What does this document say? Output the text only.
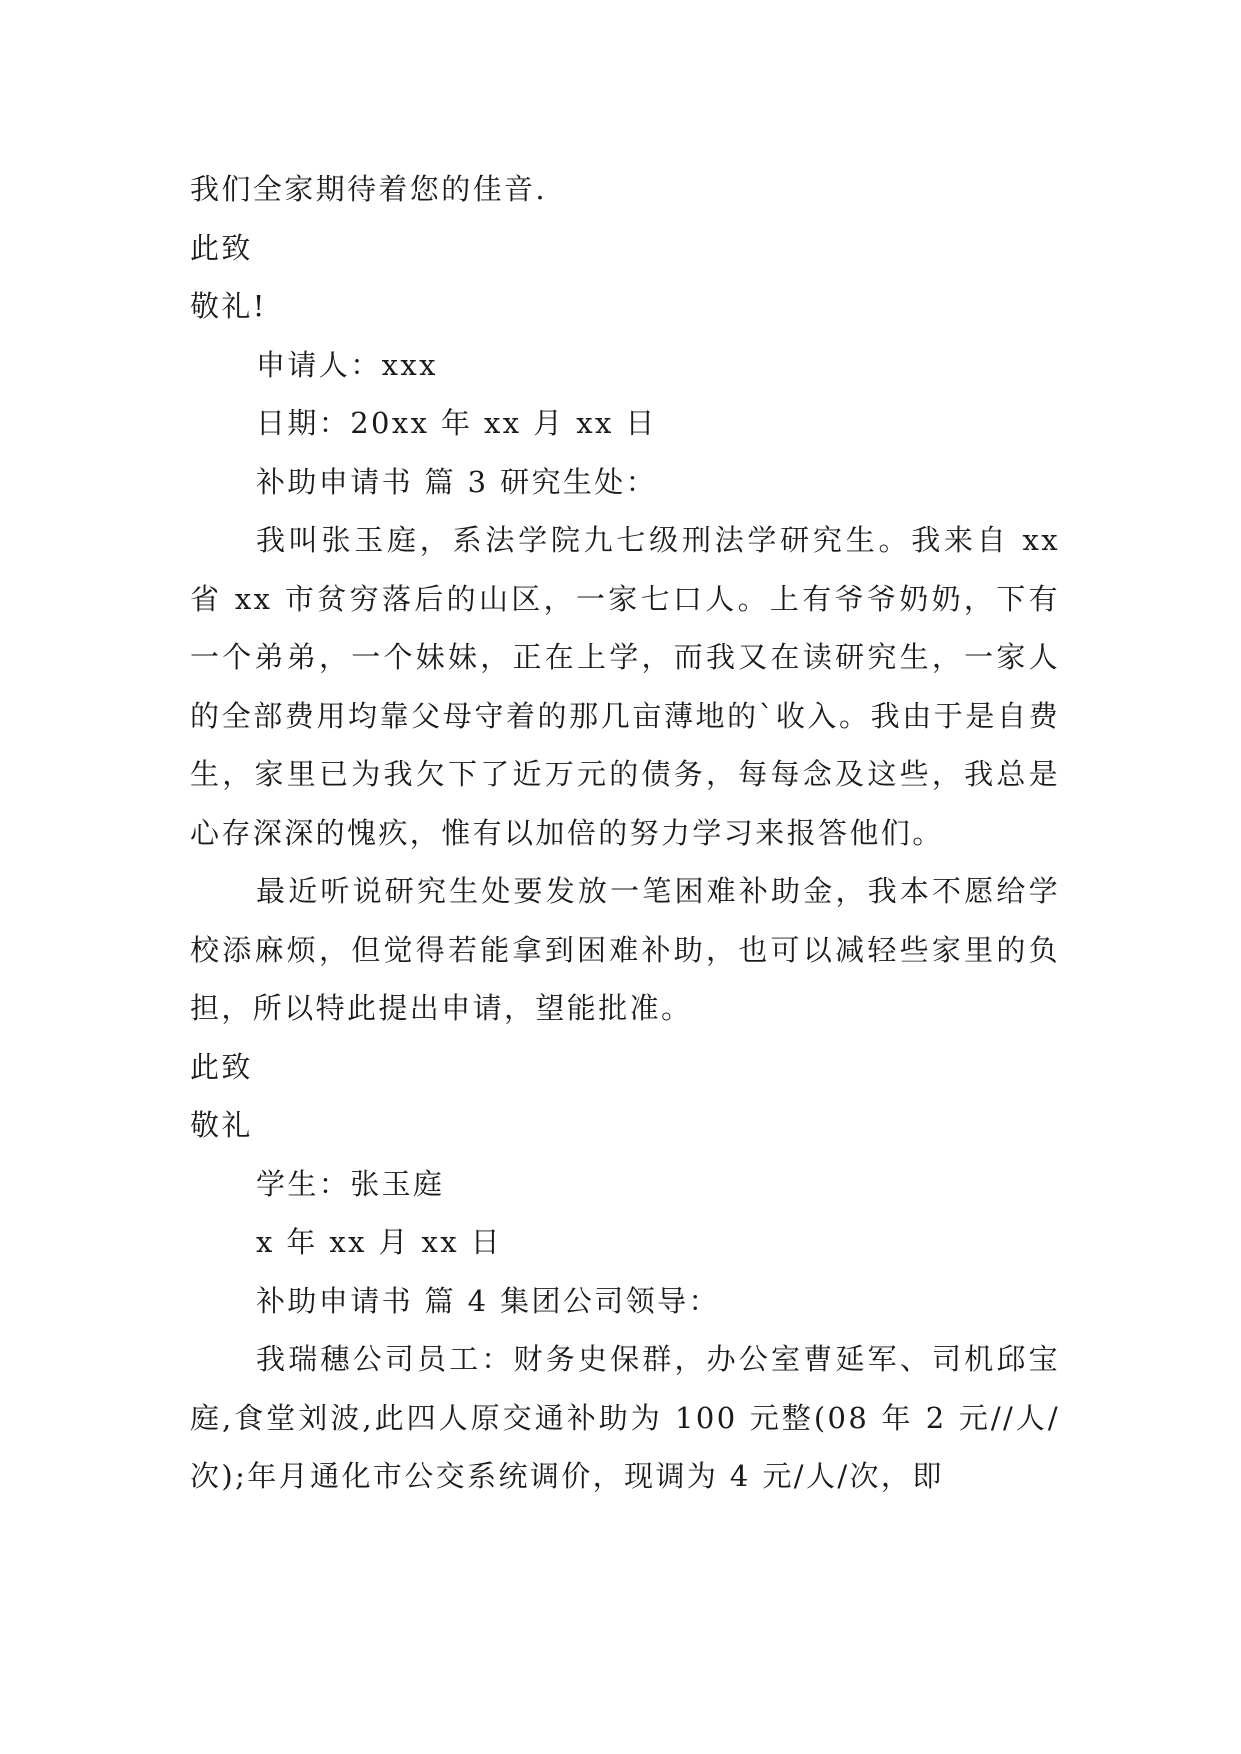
我们全家期待着您的佳音.

此致

敬礼!

申请人：xxx

日期：20xx 年 xx 月 xx 日

补助申请书 篇 3 研究生处：

我叫张玉庭，系法学院九七级刑法学研究生。我来自 xx 省 xx 市贫穷落后的山区，一家七口人。上有爷爷奶奶，下有一个弟弟，一个妹妹，正在上学，而我又在读研究生，一家人的全部费用均靠父母守着的那几亩薄地的`收入。我由于是自费生，家里已为我欠下了近万元的债务，每每念及这些，我总是心存深深的愧疚，惟有以加倍的努力学习来报答他们。

最近听说研究生处要发放一笔困难补助金，我本不愿给学校添麻烦，但觉得若能拿到困难补助，也可以减轻些家里的负担，所以特此提出申请，望能批准。

此致

敬礼

学生：张玉庭

x 年 xx 月 xx 日

补助申请书 篇 4 集团公司领导：

我瑞穗公司员工：财务史保群，办公室曹延军、司机邱宝庭,食堂刘波,此四人原交通补助为 100 元整(08 年 2 元//人/次);年月通化市公交系统调价，现调为 4 元/人/次，即
